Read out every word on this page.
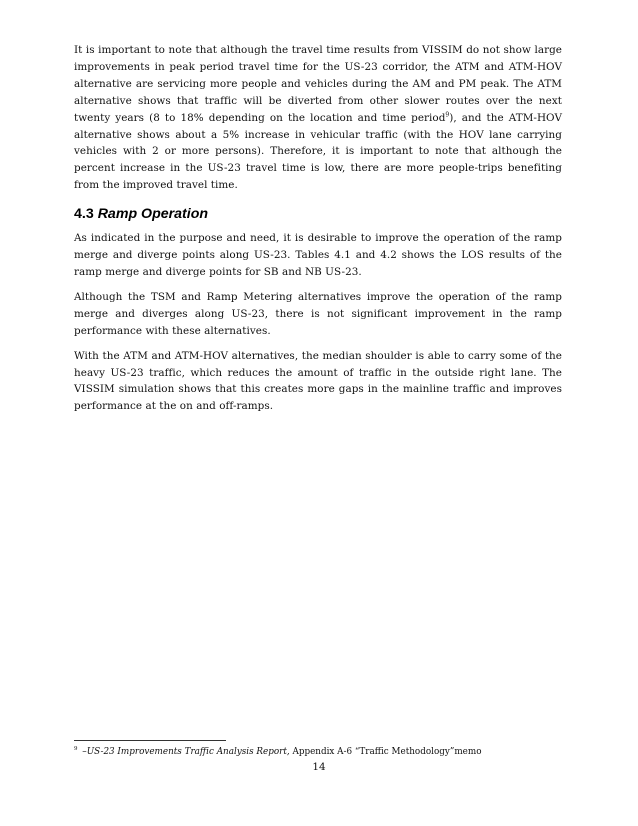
It is important to note that although the travel time results from VISSIM do not show large improvements in peak period travel time for the US-23 corridor, the ATM and ATM-HOV alternative are servicing more people and vehicles during the AM and PM peak. The ATM alternative shows that traffic will be diverted from other slower routes over the next twenty years (8 to 18% depending on the location and time period$^9$), and the ATM-HOV alternative shows about a 5% increase in vehicular traffic (with the HOV lane carrying vehicles with 2 or more persons). Therefore, it is important to note that although the percent increase in the US-23 travel time is low, there are more people-trips benefiting from the improved travel time.

4.3 Ramp Operation

As indicated in the purpose and need, it is desirable to improve the operation of the ramp merge and diverge points along US-23. Tables 4.1 and 4.2 shows the LOS results of the ramp merge and diverge points for SB and NB US-23.

Although the TSM and Ramp Metering alternatives improve the operation of the ramp merge and diverges along US-23, there is not significant improvement in the ramp performance with these alternatives.

With the ATM and ATM-HOV alternatives, the median shoulder is able to carry some of the heavy US-23 traffic, which reduces the amount of traffic in the outside right lane. The VISSIM simulation shows that this creates more gaps in the mainline traffic and improves performance at the on and off-ramps.

$^9$ –US-23 Improvements Traffic Analysis Report, Appendix A-6 “Traffic Methodology”memo
14
